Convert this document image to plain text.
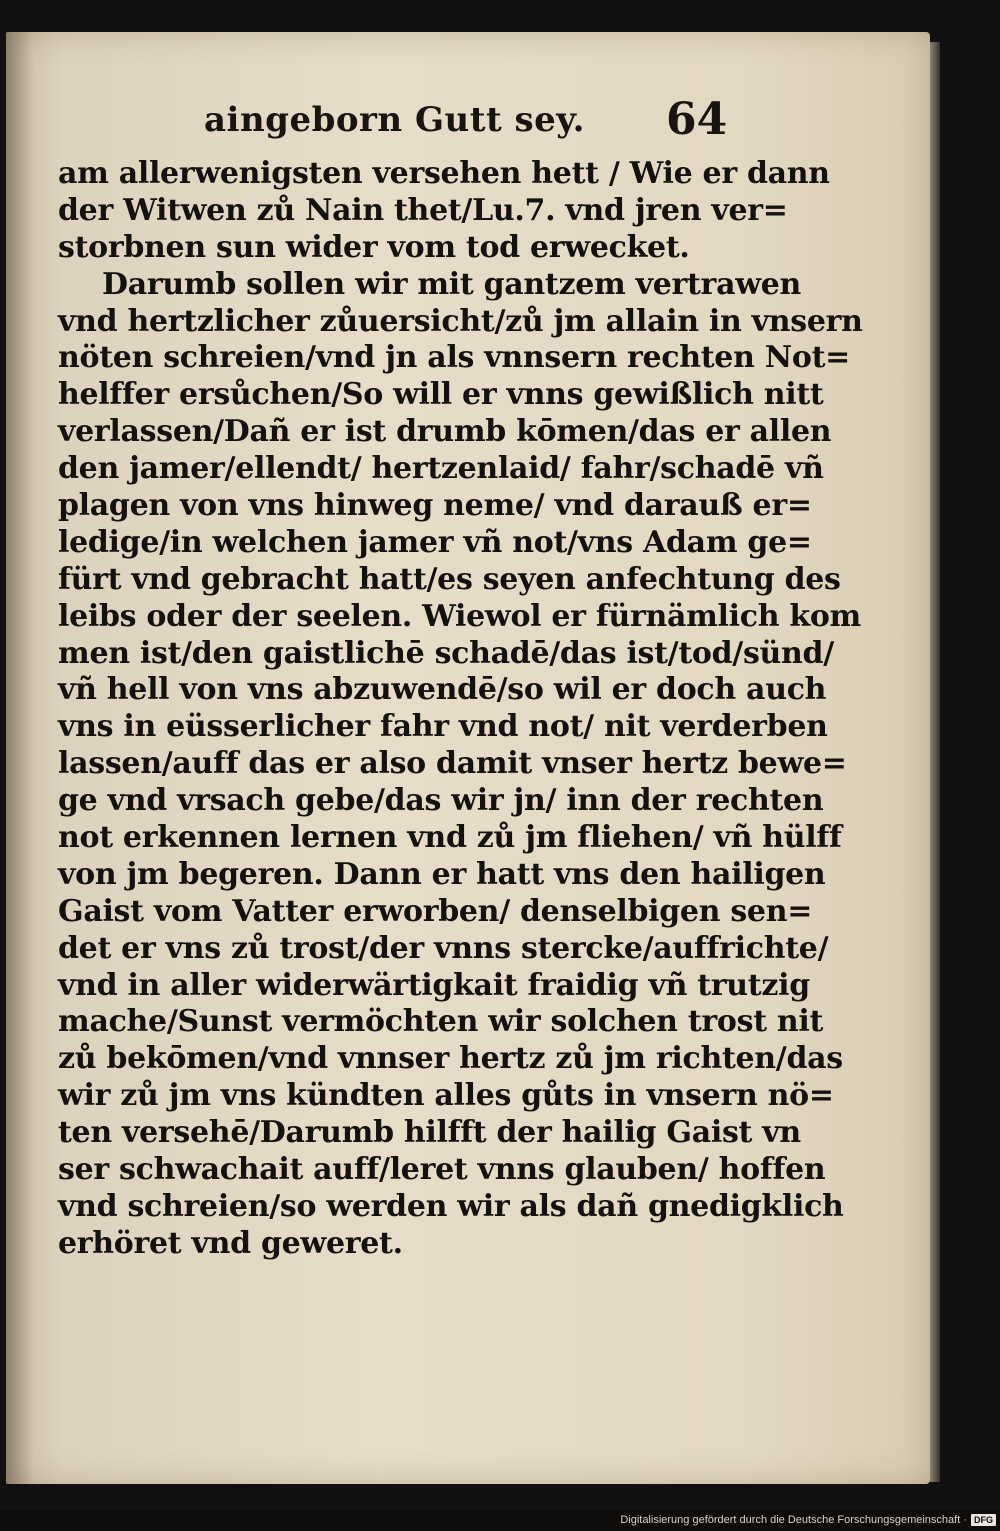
aingeborn Gutt sey. 64
am allerwenigsten versehen hett / Wie er dann
der Witwen zů Nain thet/Lu.7. vnd jren ver=
storbnen sun wider vom tod erwecket.
Darumb sollen wir mit gantzem vertrawen
vnd hertzlicher zůuersicht/zů jm allain in vnsern
nöten schreien/vnd jn als vnnsern rechten Not=
helffer ersůchen/So will er vnns gewißlich nitt
verlassen/Dañ er ist drumb kōmen/das er allen
den jamer/ellendt/ hertzenlaid/ fahr/schadē vñ
plagen von vns hinweg neme/ vnd darauß er=
ledige/in welchen jamer vñ not/vns Adam ge=
fürt vnd gebracht hatt/es seyen anfechtung des
leibs oder der seelen. Wiewol er fürnämlich kom
men ist/den gaistlichē schadē/das ist/tod/sünd/
vñ hell von vns abzuwendē/so wil er doch auch
vns in eüsserlicher fahr vnd not/ nit verderben
lassen/auff das er also damit vnser hertz bewe=
ge vnd vrsach gebe/das wir jn/ inn der rechten
not erkennen lernen vnd zů jm fliehen/ vñ hülff
von jm begeren. Dann er hatt vns den hailigen
Gaist vom Vatter erworben/ denselbigen sen=
det er vns zů trost/der vnns stercke/auffrichte/
vnd in aller widerwärtigkait fraidig vñ trutzig
mache/Sunst vermöchten wir solchen trost nit
zů bekōmen/vnd vnnser hertz zů jm richten/das
wir zů jm vns kündten alles gůts in vnsern nö=
ten versehē/Darumb hilfft der hailig Gaist vn
ser schwachait auff/leret vnns glauben/ hoffen
vnd schreien/so werden wir als dañ gnedigklich
erhöret vnd geweret.
Digitalisierung gefördert durch die Deutsche Forschungsgemeinschaft · DFG
